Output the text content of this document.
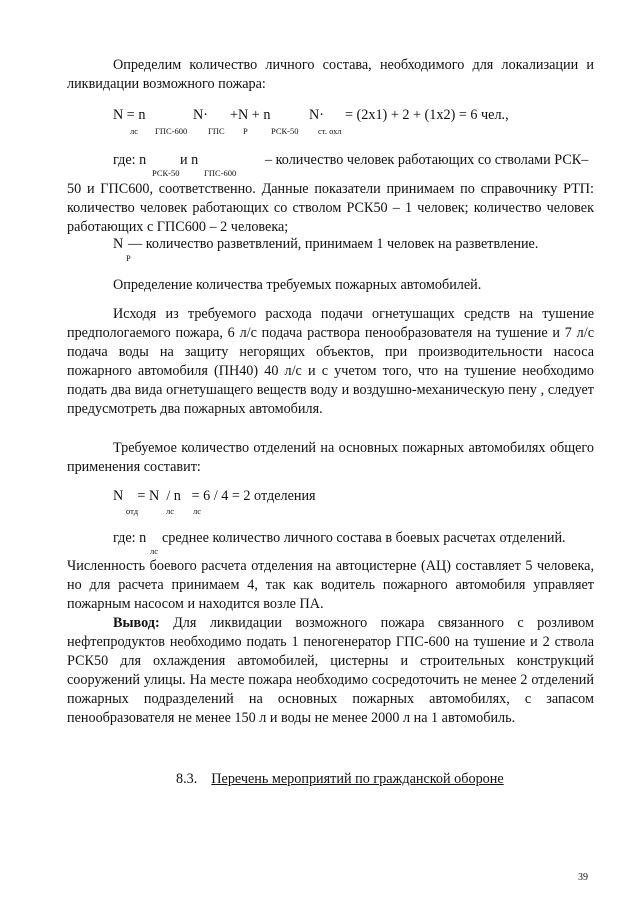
Определим количество личного состава, необходимого для локализации и ликвидации возможного пожара:

N = n	N· +N + n	N· = (2х1) + 2 + (1х2) = 6 чел.,
лс ГПС-600 ГПС Р	РСК-50 ст. охл
где: n и n	– количество человек работающих со стволами РСК–
РСК-50	ГПС-600

50 и ГПС600, соответственно. Данные показатели принимаем по справочнику РТП: количество человек работающих со стволом РСК50 – 1 человек; количество человек работающих с ГПС600 – 2 человека;

N — количество разветвлений, принимаем 1 человек на разветвление.
Р

Определение количества требуемых пожарных автомобилей.

Исходя из требуемого расхода подачи огнетушащих средств на тушение предпологаемого пожара, 6 л/с подача раствора пенообразователя на тушение и 7 л/с подача воды на защиту негорящих объектов, при производительности насоса пожарного автомобиля (ПН40) 40 л/с и с учетом того, что на тушение необходимо подать два вида огнетушащего веществ воду и воздушно-механическую пену , следует предусмотреть два пожарных автомобиля.

Требуемое количество отделений на основных пожарных автомобилях общего применения составит:

N    = N  / n   = 6 / 4 = 2 отделения
отд	лс лс
где: n среднее количество личного состава в боевых расчетах отделений.
лс

Численность боевого расчета отделения на автоцистерне (АЦ) составляет 5 человека, но для расчета принимаем 4, так как водитель пожарного автомобиля управляет пожарным насосом и находится возле ПА.

Вывод: Для ликвидации возможного пожара связанного с розливом нефтепродуктов необходимо подать 1 пеногенератор ГПС-600 на тушение и 2 ствола РСК50 для охлаждения автомобилей, цистерны и строительных конструкций сооружений улицы. На месте пожара необходимо сосредоточить не менее 2 отделений пожарных подразделений на основных пожарных автомобилях, с запасом пенообразователя не менее 150 л и воды не менее 2000 л на 1 автомобиль.

8.3. Перечень мероприятий по гражданской обороне
39
